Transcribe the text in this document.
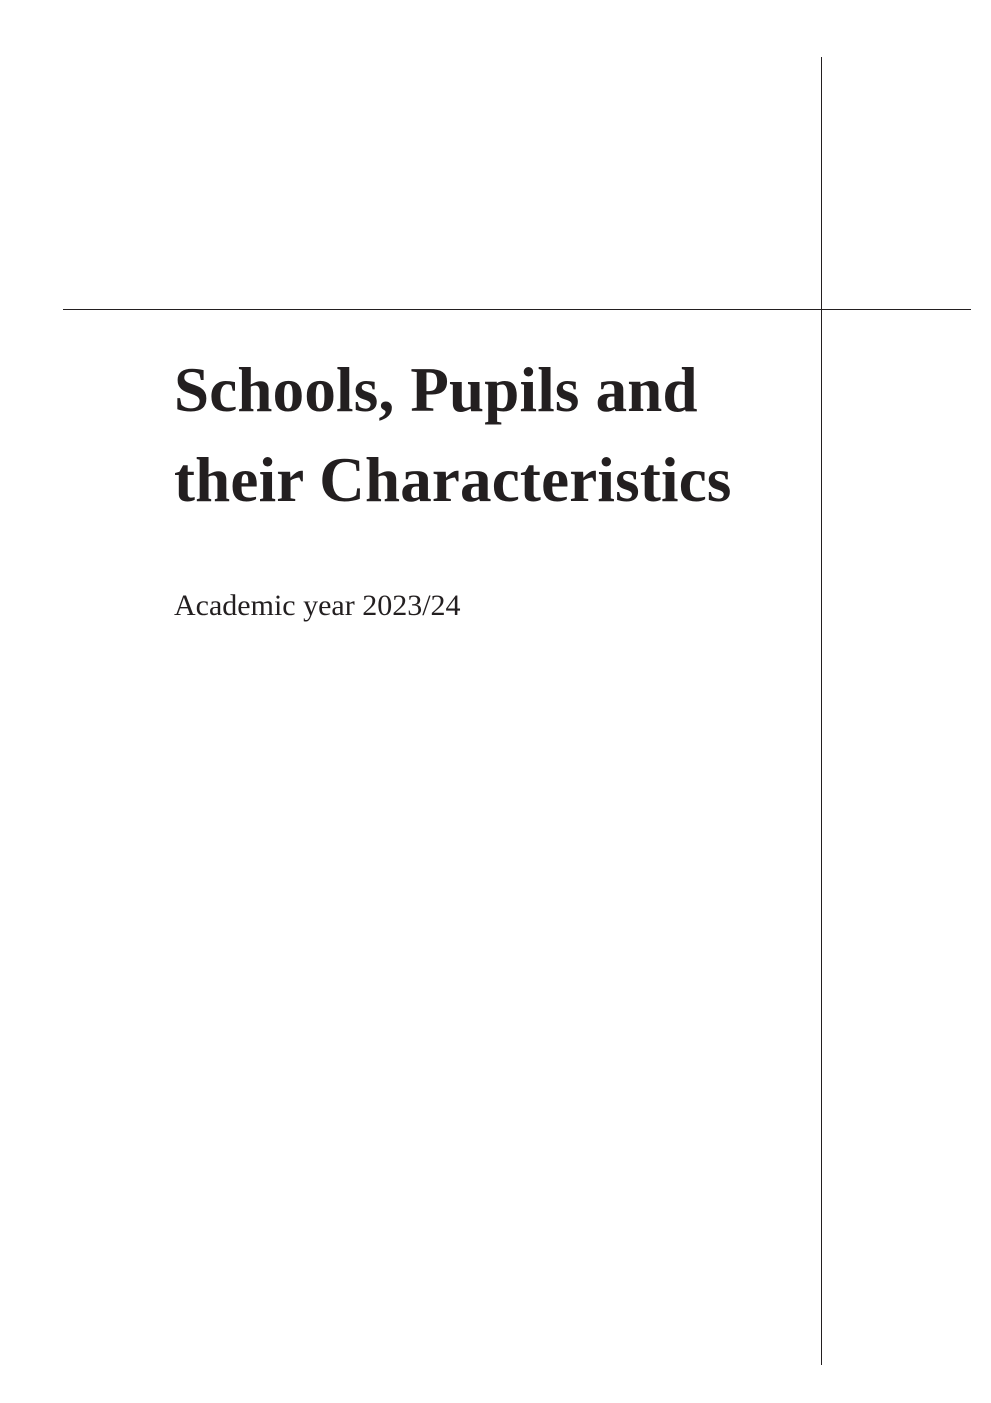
Schools, Pupils and
their Characteristics

Academic year 2023/24
